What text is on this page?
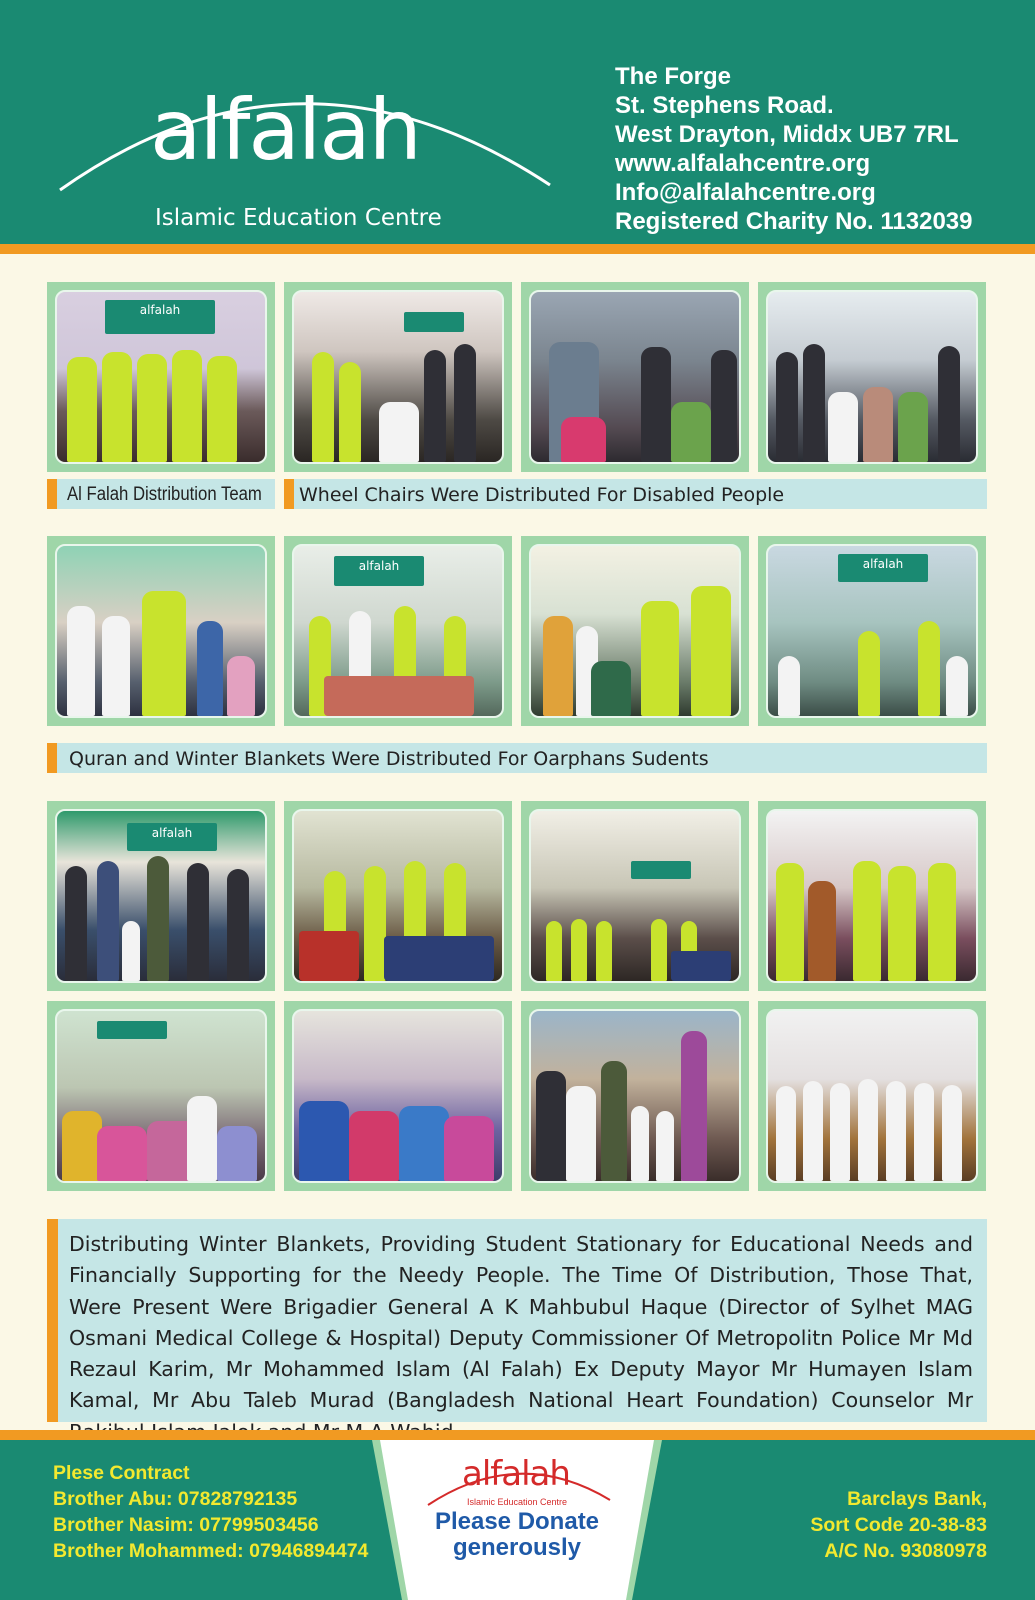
alfalah
Islamic Education Centre
The Forge
St. Stephens Road.
West Drayton, Middx UB7 7RL
www.alfalahcentre.org
Info@alfalahcentre.org
Registered Charity No. 1132039
alfalah
Al Falah Distribution Team Wheel Chairs Were Distributed For Disabled People
alfalah	alfalah
Quran and Winter Blankets Were Distributed For Oarphans Sudents
alfalah

Distributing Winter Blankets, Providing Student Stationary for Educational Needs and Financially Supporting for the Needy People. The Time Of Distribution, Those That, Were Present Were Brigadier General A K Mahbubul Haque (Director of Sylhet MAG Osmani Medical College & Hospital) Deputy Commissioner Of Metropolitn Police Mr Md Rezaul Karim, Mr Mohammed Islam (Al Falah) Ex Deputy Mayor Mr Humayen Islam Kamal, Mr Abu Taleb Murad (Bangladesh National Heart Foundation) Counselor Mr

alfalah
Islamic Education Centre
Please Donate
generously
Plese Contract
Brother Abu: 07828792135
Brother Nasim: 07799503456
Brother Mohammed: 07946894474
Barclays Bank,
Sort Code 20-38-83
A/C No. 93080978
